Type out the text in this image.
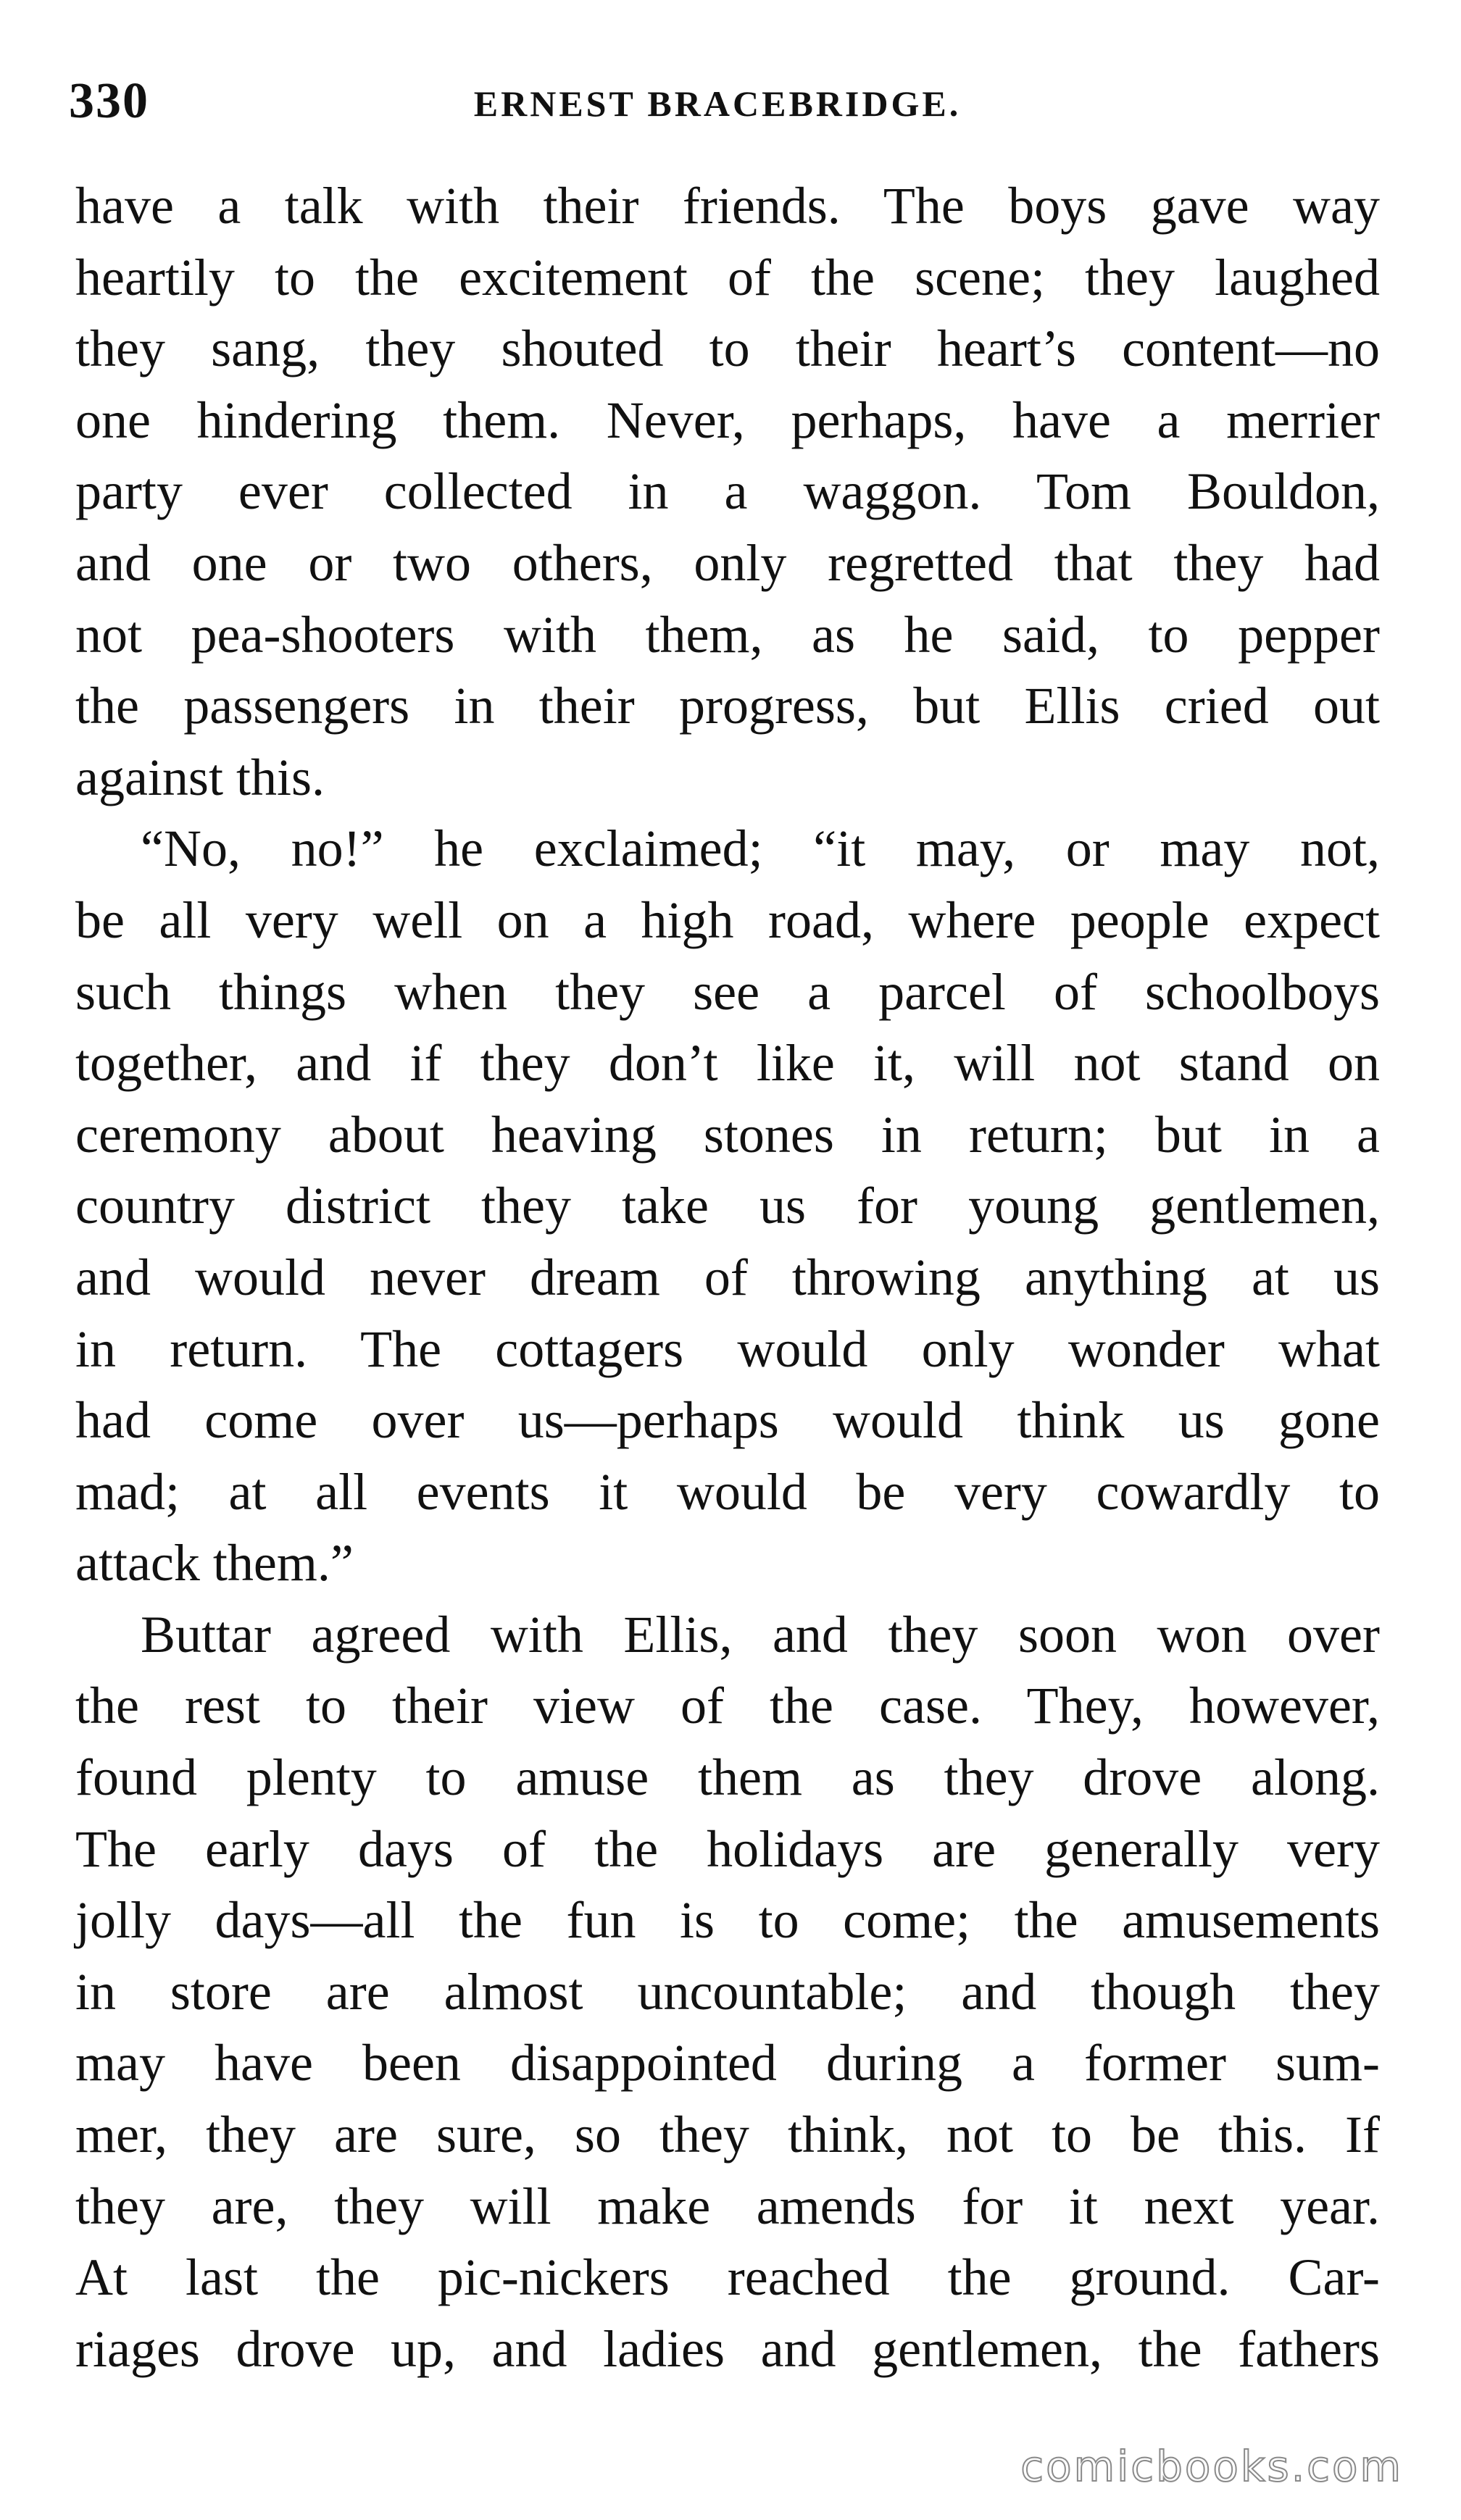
330	ERNEST BRACEBRIDGE.
have a talk with their friends. The boys gave way
heartily to the excitement of the scene; they laughed
they sang, they shouted to their heart’s content—no
one hindering them. Never, perhaps, have a merrier
party ever collected in a waggon. Tom Bouldon,
and one or two others, only regretted that they had
not pea-shooters with them, as he said, to pepper
the passengers in their progress, but Ellis cried out
against this.
“No, no!” he exclaimed; “it may, or may not,
be all very well on a high road, where people expect
such things when they see a parcel of schoolboys
together, and if they don’t like it, will not stand on
ceremony about heaving stones in return; but in a
country district they take us for young gentlemen,
and would never dream of throwing anything at us
in return. The cottagers would only wonder what
had come over us—perhaps would think us gone
mad; at all events it would be very cowardly to
attack them.”
Buttar agreed with Ellis, and they soon won over
the rest to their view of the case. They, however,
found plenty to amuse them as they drove along.
The early days of the holidays are generally very
jolly days—all the fun is to come; the amusements
in store are almost uncountable; and though they
may have been disappointed during a former sum-
mer, they are sure, so they think, not to be this. If
they are, they will make amends for it next year.
At last the pic-nickers reached the ground. Car-
riages drove up, and ladies and gentlemen, the fathers
comicbooks.com
